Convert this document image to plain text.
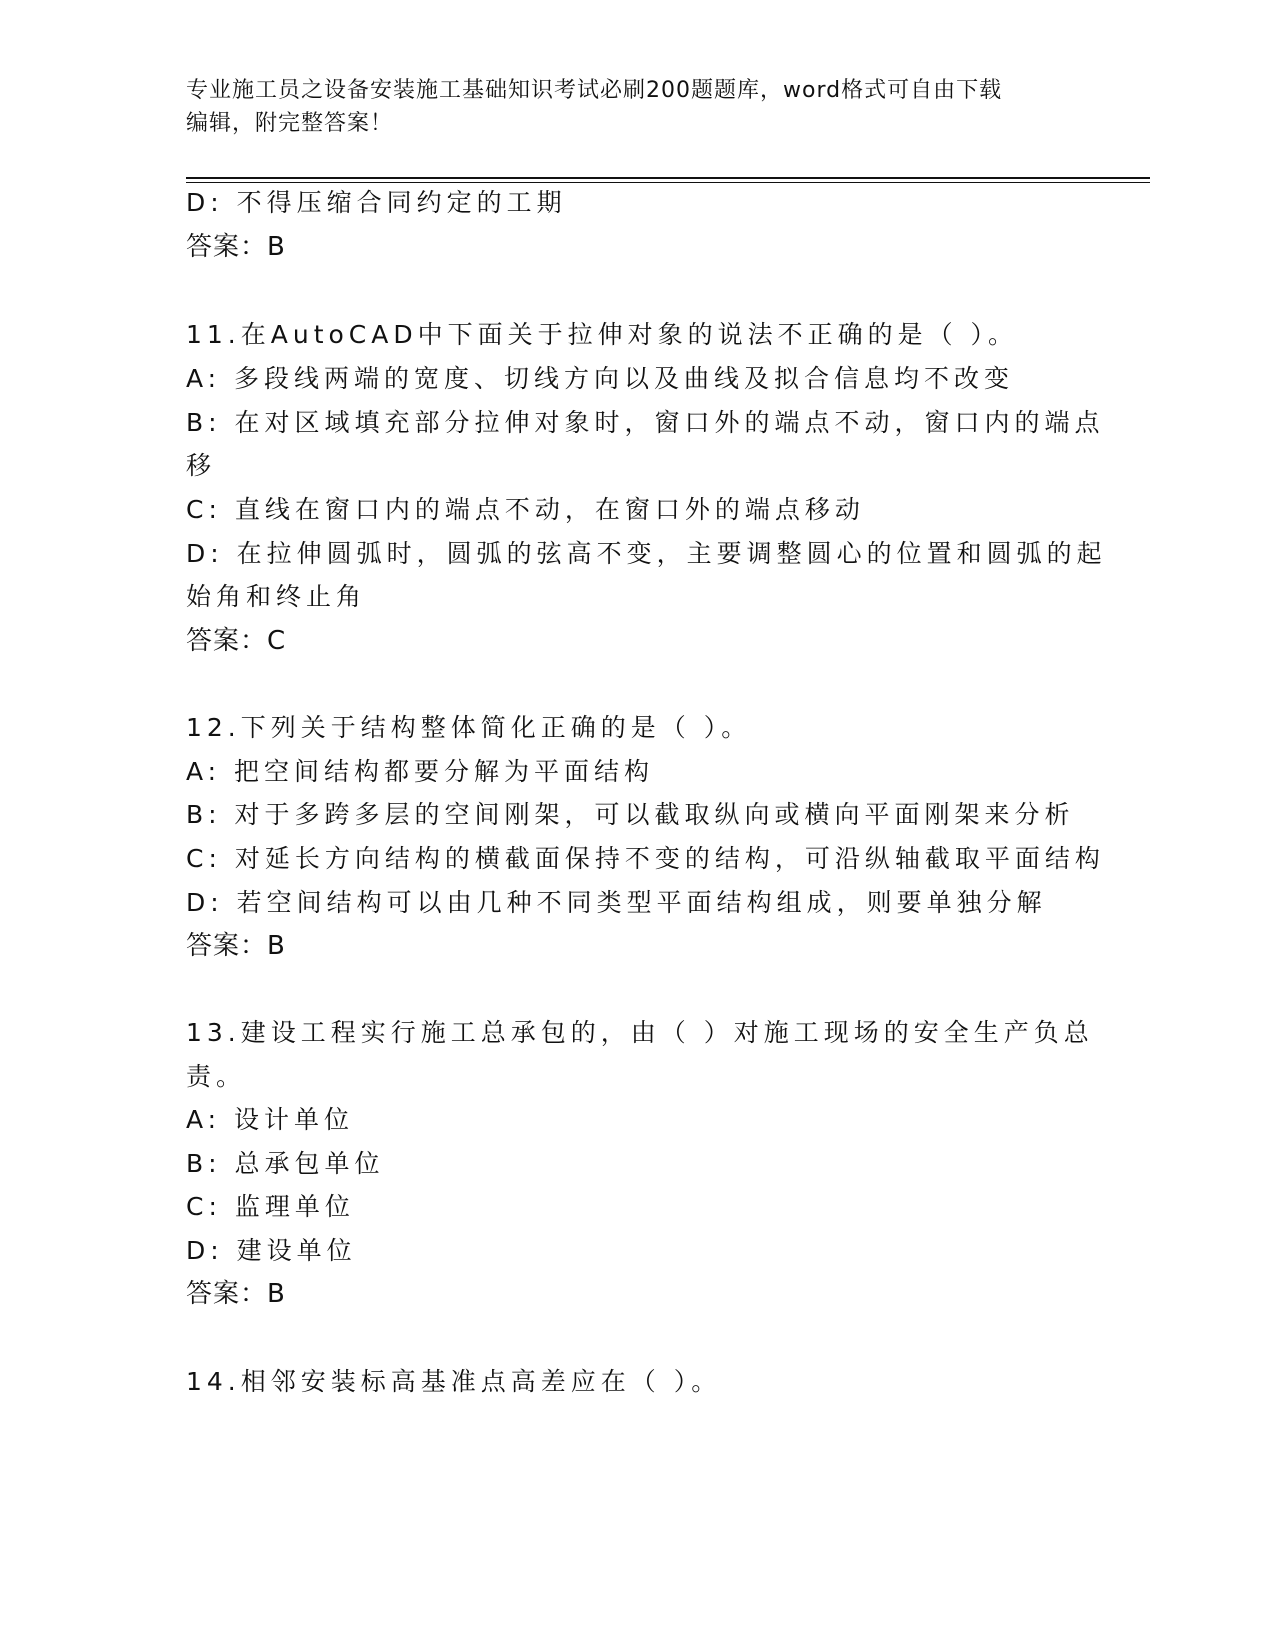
专业施工员之设备安装施工基础知识考试必刷200题题库，word格式可自由下载
编辑，附完整答案！
D: 不得压缩合同约定的工期
答案：B
11.在AutoCAD中下面关于拉伸对象的说法不正确的是（ ）。
A: 多段线两端的宽度、切线方向以及曲线及拟合信息均不改变
B: 在对区域填充部分拉伸对象时，窗口外的端点不动，窗口内的端点
移
C: 直线在窗口内的端点不动，在窗口外的端点移动
D: 在拉伸圆弧时，圆弧的弦高不变，主要调整圆心的位置和圆弧的起
始角和终止角
答案：C
12.下列关于结构整体简化正确的是（ ）。
A: 把空间结构都要分解为平面结构
B: 对于多跨多层的空间刚架，可以截取纵向或横向平面刚架来分析
C: 对延长方向结构的横截面保持不变的结构，可沿纵轴截取平面结构
D: 若空间结构可以由几种不同类型平面结构组成，则要单独分解
答案：B
13.建设工程实行施工总承包的，由（ ）对施工现场的安全生产负总
责。
A: 设计单位
B: 总承包单位
C: 监理单位
D: 建设单位
答案：B
14.相邻安装标高基准点高差应在（ ）。
